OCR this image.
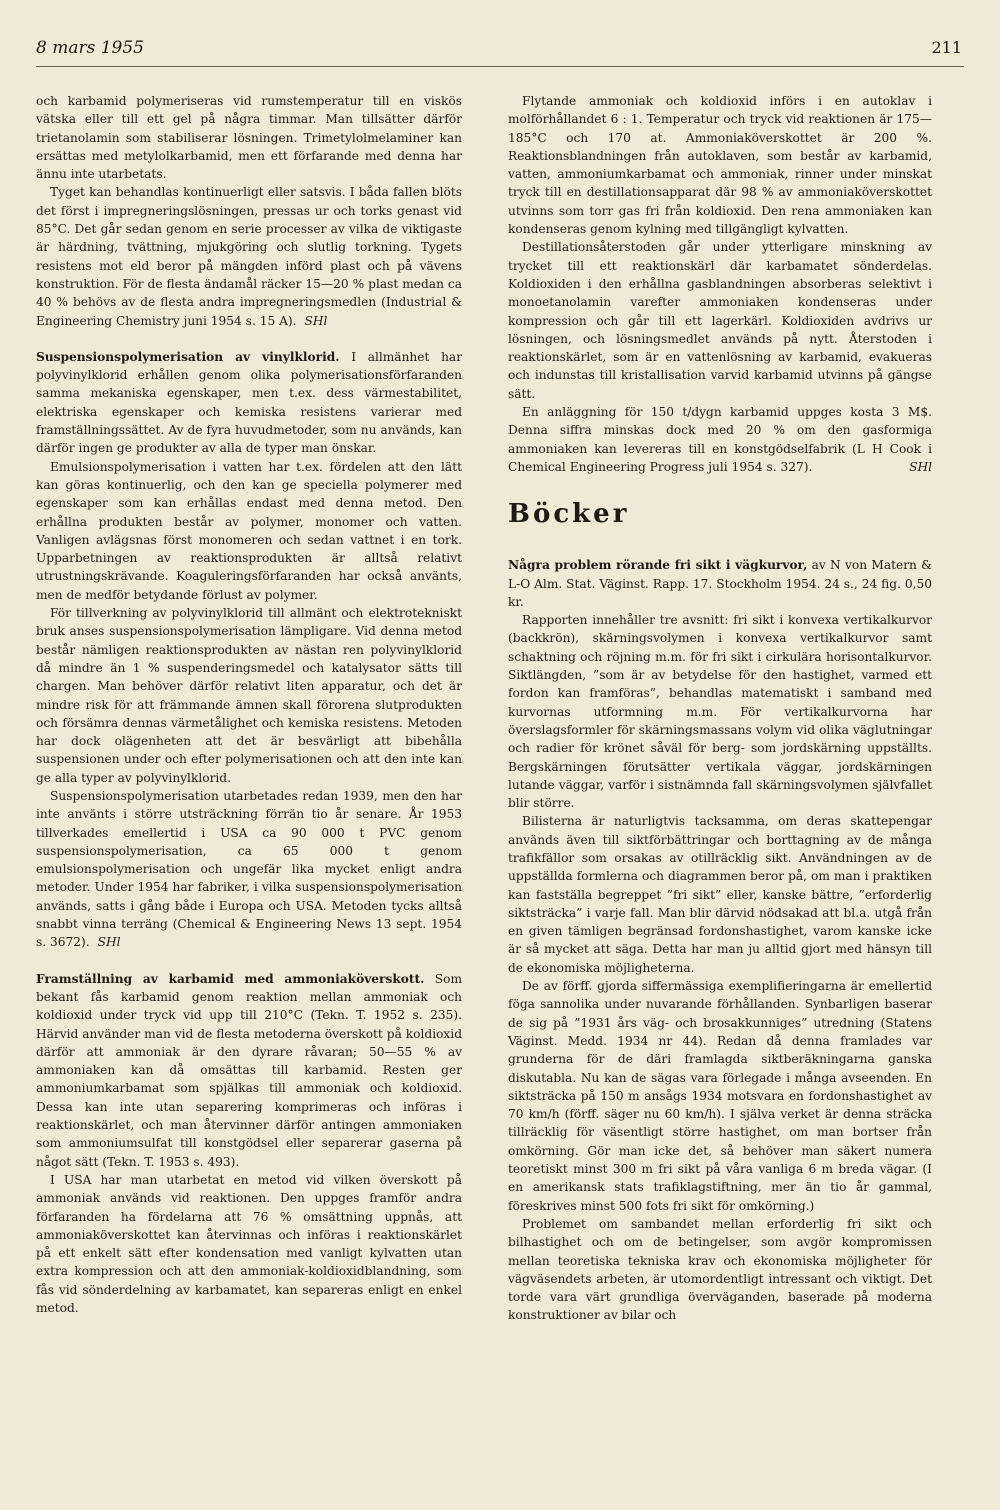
8 mars 1955	211

och karbamid polymeriseras vid rumstemperatur till en viskös vätska eller till ett gel på några timmar. Man tillsätter därför trietanolamin som stabiliserar lösningen. Trimetylolmelaminer kan ersättas med metylolkarbamid, men ett förfarande med denna har ännu inte utarbetats.

Tyget kan behandlas kontinuerligt eller satsvis. I båda fallen blöts det först i impregneringslösningen, pressas ur och torks genast vid 85°C. Det går sedan genom en serie processer av vilka de viktigaste är härdning, tvättning, mjukgöring och slutlig torkning. Tygets resistens mot eld beror på mängden införd plast och på vävens konstruktion. För de flesta ändamål räcker 15—20 % plast medan ca 40 % behövs av de flesta andra impregneringsmedlen (Industrial & Engineering Chemistry juni 1954 s. 15 A). SHl

Suspensionspolymerisation av vinylklorid. I allmänhet har polyvinylklorid erhållen genom olika polymerisationsförfaranden samma mekaniska egenskaper, men t.ex. dess värmestabilitet, elektriska egenskaper och kemiska resistens varierar med framställningssättet. Av de fyra huvudmetoder, som nu används, kan därför ingen ge produkter av alla de typer man önskar.

Emulsionspolymerisation i vatten har t.ex. fördelen att den lätt kan göras kontinuerlig, och den kan ge speciella polymerer med egenskaper som kan erhållas endast med denna metod. Den erhållna produkten består av polymer, monomer och vatten. Vanligen avlägsnas först monomeren och sedan vattnet i en tork. Upparbetningen av reaktionsprodukten är alltså relativt utrustningskrävande. Koaguleringsförfaranden har också använts, men de medför betydande förlust av polymer.

För tillverkning av polyvinylklorid till allmänt och elektrotekniskt bruk anses suspensionspolymerisation lämpligare. Vid denna metod består nämligen reaktionsprodukten av nästan ren polyvinylklorid då mindre än 1 % suspenderingsmedel och katalysator sätts till chargen. Man behöver därför relativt liten apparatur, och det är mindre risk för att främmande ämnen skall förorena slutprodukten och försämra dennas värmetålighet och kemiska resistens. Metoden har dock olägenheten att det är besvärligt att bibehålla suspensionen under och efter polymerisationen och att den inte kan ge alla typer av polyvinylklorid.

Suspensionspolymerisation utarbetades redan 1939, men den har inte använts i större utsträckning förrän tio år senare. År 1953 tillverkades emellertid i USA ca 90 000 t PVC genom suspensionspolymerisation, ca 65 000 t genom emulsionspolymerisation och ungefär lika mycket enligt andra metoder. Under 1954 har fabriker, i vilka suspensionspolymerisation används, satts i gång både i Europa och USA. Metoden tycks alltså snabbt vinna terräng (Chemical & Engineering News 13 sept. 1954 s. 3672). SHl

Framställning av karbamid med ammoniaköverskott. Som bekant fås karbamid genom reaktion mellan ammoniak och koldioxid under tryck vid upp till 210°C (Tekn. T. 1952 s. 235). Härvid använder man vid de flesta metoderna överskott på koldioxid därför att ammoniak är den dyrare råvaran; 50—55 % av ammoniaken kan då omsättas till karbamid. Resten ger ammoniumkarbamat som spjälkas till ammoniak och koldioxid. Dessa kan inte utan separering komprimeras och införas i reaktionskärlet, och man återvinner därför antingen ammoniaken som ammoniumsulfat till konstgödsel eller separerar gaserna på något sätt (Tekn. T. 1953 s. 493).

I USA har man utarbetat en metod vid vilken överskott på ammoniak används vid reaktionen. Den uppges framför andra förfaranden ha fördelarna att 76 % omsättning uppnås, att ammoniaköverskottet kan återvinnas och införas i reaktionskärlet på ett enkelt sätt efter kondensation med vanligt kylvatten utan extra kompression och att den ammoniak-koldioxidblandning, som fås vid sönderdelning av karbamatet, kan separeras enligt en enkel metod.

Flytande ammoniak och koldioxid införs i en autoklav i molförhållandet 6 : 1. Temperatur och tryck vid reaktionen är 175—185°C och 170 at. Ammoniaköverskottet är 200 %. Reaktionsblandningen från autoklaven, som består av karbamid, vatten, ammoniumkarbamat och ammoniak, rinner under minskat tryck till en destillationsapparat där 98 % av ammoniaköverskottet utvinns som torr gas fri från koldioxid. Den rena ammoniaken kan kondenseras genom kylning med tillgängligt kylvatten.

Destillationsåterstoden går under ytterligare minskning av trycket till ett reaktionskärl där karbamatet sönderdelas. Koldioxiden i den erhållna gasblandningen absorberas selektivt i monoetanolamin varefter ammoniaken kondenseras under kompression och går till ett lagerkärl. Koldioxiden avdrivs ur lösningen, och lösningsmedlet används på nytt. Återstoden i reaktionskärlet, som är en vattenlösning av karbamid, evakueras och indunstas till kristallisation varvid karbamid utvinns på gängse sätt.

En anläggning för 150 t/dygn karbamid uppges kosta 3 M$. Denna siffra minskas dock med 20 % om den gasformiga ammoniaken kan levereras till en konstgödselfabrik (L H Cook i Chemical Engineering Progress juli 1954 s. 327).	SHl

Böcker

Några problem rörande fri sikt i vägkurvor, av N von Matern & L-O Alm. Stat. Väginst. Rapp. 17. Stockholm 1954. 24 s., 24 fig. 0,50 kr.

Rapporten innehåller tre avsnitt: fri sikt i konvexa vertikalkurvor (backkrön), skärningsvolymen i konvexa vertikalkurvor samt schaktning och röjning m.m. för fri sikt i cirkulära horisontalkurvor. Siktlängden, ”som är av betydelse för den hastighet, varmed ett fordon kan framföras”, behandlas matematiskt i samband med kurvornas utformning m.m. För vertikalkurvorna har överslagsformler för skärningsmassans volym vid olika väglutningar och radier för krönet såväl för berg- som jordskärning uppställts. Bergskärningen förutsätter vertikala väggar, jordskärningen lutande väggar, varför i sistnämnda fall skärningsvolymen självfallet blir större.

Bilisterna är naturligtvis tacksamma, om deras skattepengar används även till siktförbättringar och borttagning av de många trafikfällor som orsakas av otillräcklig sikt. Användningen av de uppställda formlerna och diagrammen beror på, om man i praktiken kan fastställa begreppet ”fri sikt” eller, kanske bättre, ”erforderlig siktsträcka” i varje fall. Man blir därvid nödsakad att bl.a. utgå från en given tämligen begränsad fordonshastighet, varom kanske icke är så mycket att säga. Detta har man ju alltid gjort med hänsyn till de ekonomiska möjligheterna.

De av förff. gjorda siffermässiga exemplifieringarna är emellertid föga sannolika under nuvarande förhållanden. Synbarligen baserar de sig på ”1931 års väg- och brosakkunniges” utredning (Statens Väginst. Medd. 1934 nr 44). Redan då denna framlades var grunderna för de däri framlagda siktberäkningarna ganska diskutabla. Nu kan de sägas vara förlegade i många avseenden. En siktsträcka på 150 m ansågs 1934 motsvara en fordonshastighet av 70 km/h (förff. säger nu 60 km/h). I själva verket är denna sträcka tillräcklig för väsentligt större hastighet, om man bortser från omkörning. Gör man icke det, så behöver man säkert numera teoretiskt minst 300 m fri sikt på våra vanliga 6 m breda vägar. (I en amerikansk stats trafiklagstiftning, mer än tio år gammal, föreskrives minst 500 fots fri sikt för omkörning.)

Problemet om sambandet mellan erforderlig fri sikt och bilhastighet och om de betingelser, som avgör kompromissen mellan teoretiska tekniska krav och ekonomiska möjligheter för vägväsendets arbeten, är utomordentligt intressant och viktigt. Det torde vara värt grundliga överväganden, baserade på moderna konstruktioner av bilar och
